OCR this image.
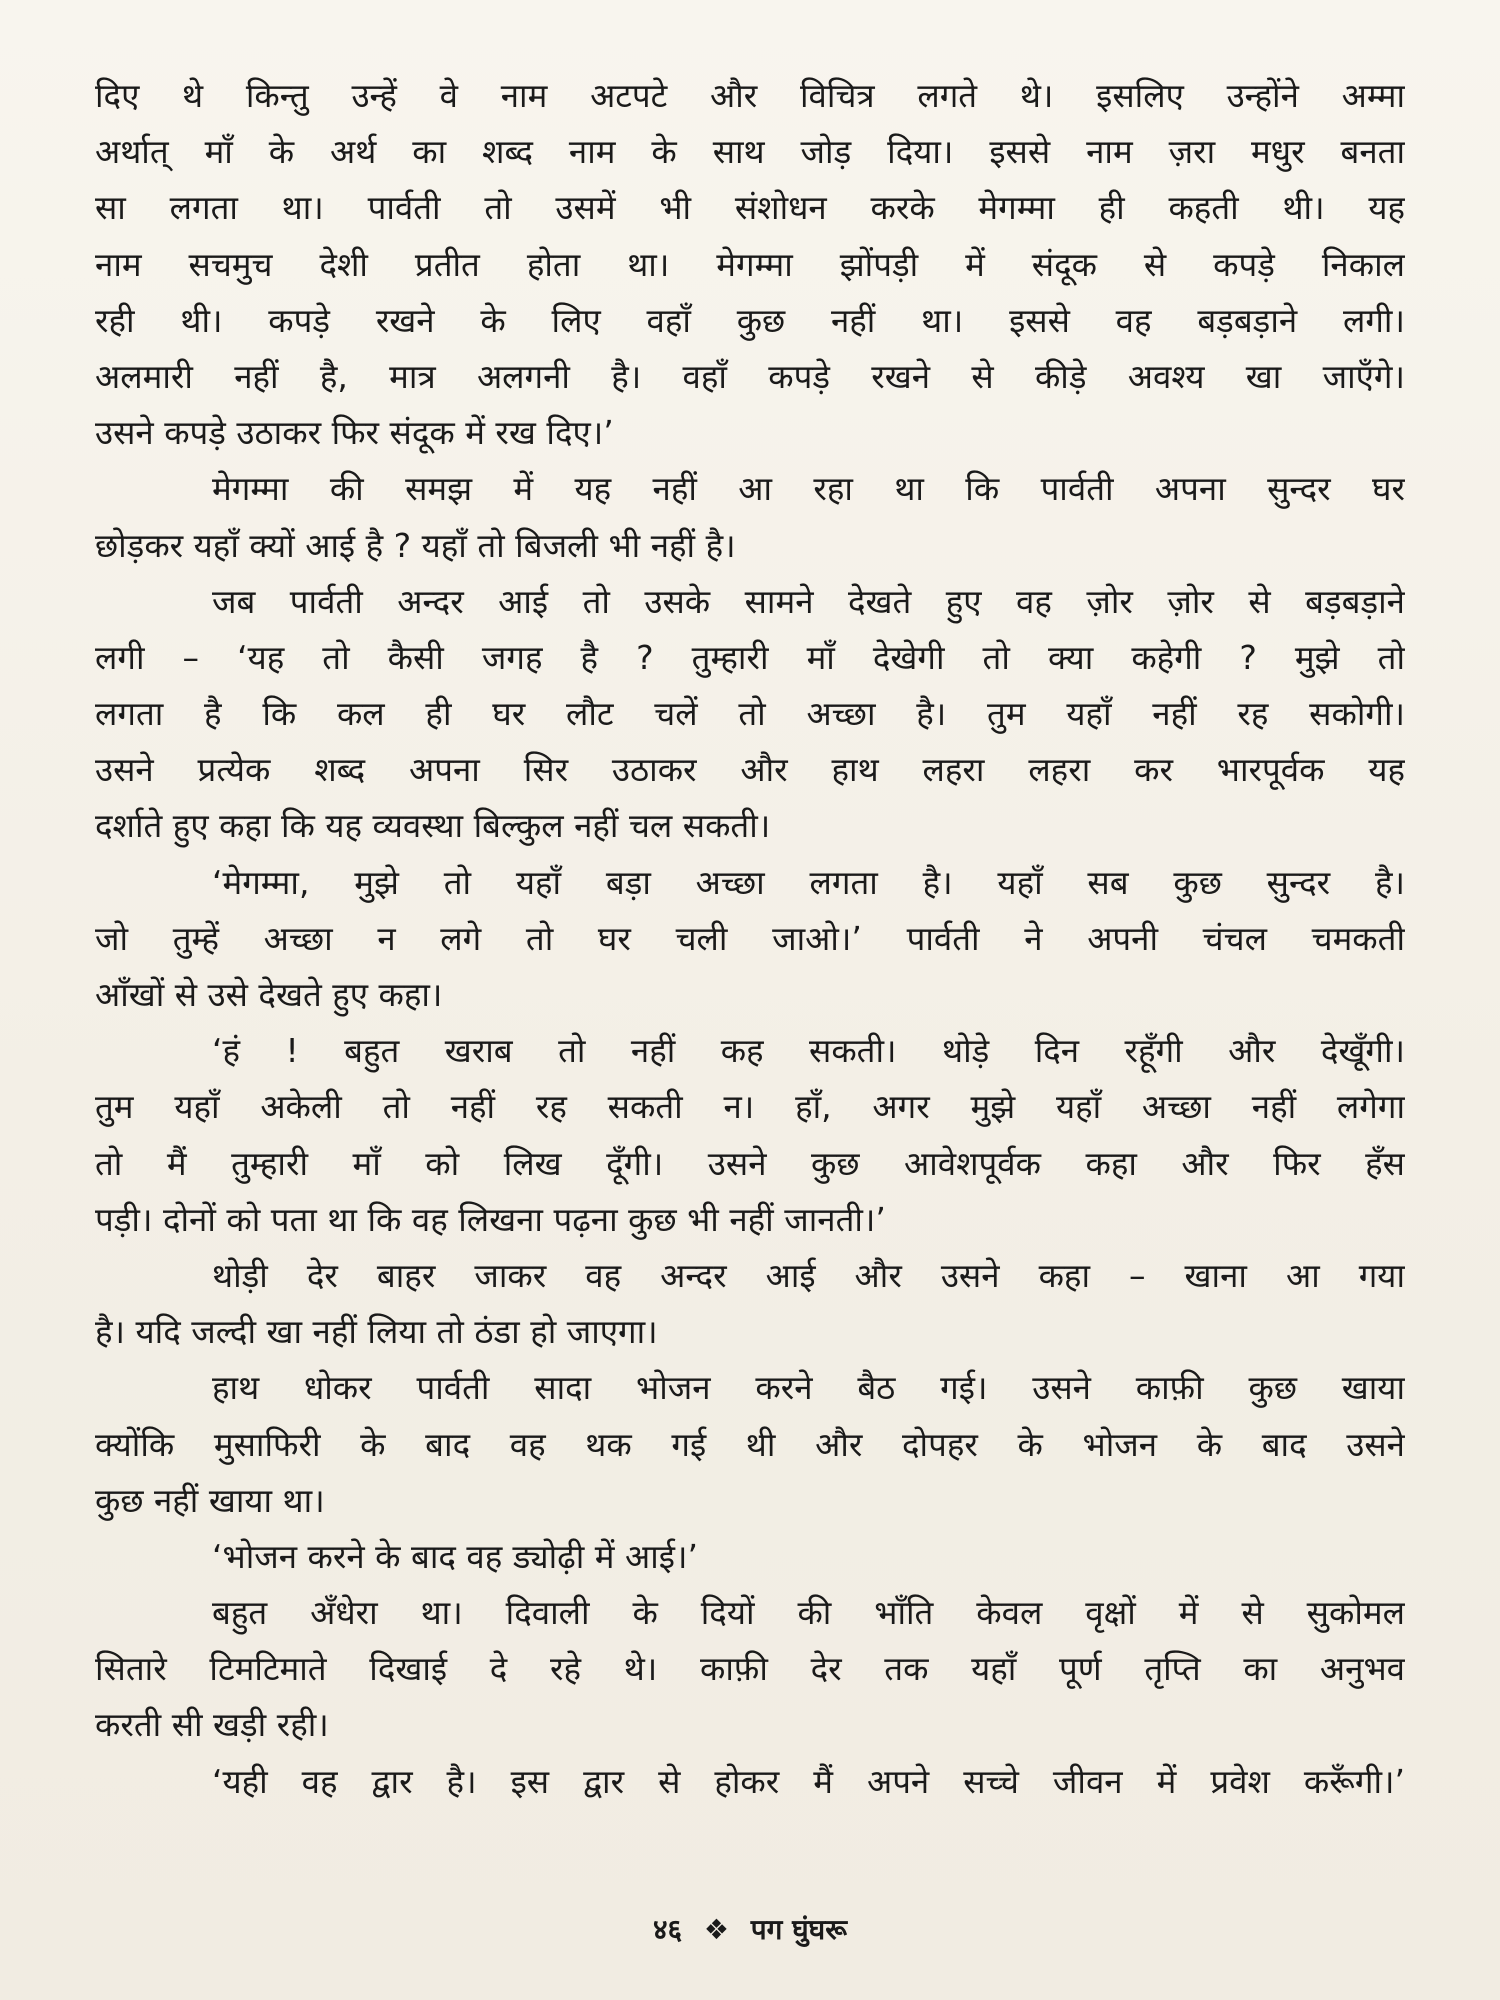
दिए थे किन्तु उन्हें वे नाम अटपटे और विचित्र लगते थे। इसलिए उन्होंने अम्मा
अर्थात् माँ के अर्थ का शब्द नाम के साथ जोड़ दिया। इससे नाम ज़रा मधुर बनता
सा लगता था। पार्वती तो उसमें भी संशोधन करके मेगम्मा ही कहती थी। यह
नाम सचमुच देशी प्रतीत होता था। मेगम्मा झोंपड़ी में संदूक से कपड़े निकाल
रही थी। कपड़े रखने के लिए वहाँ कुछ नहीं था। इससे वह बड़बड़ाने लगी।
अलमारी नहीं है, मात्र अलगनी है। वहाँ कपड़े रखने से कीड़े अवश्य खा जाएँगे।
उसने कपड़े उठाकर फिर संदूक में रख दिए।’
मेगम्मा की समझ में यह नहीं आ रहा था कि पार्वती अपना सुन्दर घर
छोड़कर यहाँ क्यों आई है ? यहाँ तो बिजली भी नहीं है।
जब पार्वती अन्दर आई तो उसके सामने देखते हुए वह ज़ोर ज़ोर से बड़बड़ाने
लगी – ‘यह तो कैसी जगह है ? तुम्हारी माँ देखेगी तो क्या कहेगी ? मुझे तो
लगता है कि कल ही घर लौट चलें तो अच्छा है। तुम यहाँ नहीं रह सकोगी।
उसने प्रत्येक शब्द अपना सिर उठाकर और हाथ लहरा लहरा कर भारपूर्वक यह
दर्शाते हुए कहा कि यह व्यवस्था बिल्कुल नहीं चल सकती।
‘मेगम्मा, मुझे तो यहाँ बड़ा अच्छा लगता है। यहाँ सब कुछ सुन्दर है।
जो तुम्हें अच्छा न लगे तो घर चली जाओ।’ पार्वती ने अपनी चंचल चमकती
आँखों से उसे देखते हुए कहा।
‘हं ! बहुत खराब तो नहीं कह सकती। थोड़े दिन रहूँगी और देखूँगी।
तुम यहाँ अकेली तो नहीं रह सकती न। हाँ, अगर मुझे यहाँ अच्छा नहीं लगेगा
तो मैं तुम्हारी माँ को लिख दूँगी। उसने कुछ आवेशपूर्वक कहा और फिर हँस
पड़ी। दोनों को पता था कि वह लिखना पढ़ना कुछ भी नहीं जानती।’
थोड़ी देर बाहर जाकर वह अन्दर आई और उसने कहा – खाना आ गया
है। यदि जल्दी खा नहीं लिया तो ठंडा हो जाएगा।
हाथ धोकर पार्वती सादा भोजन करने बैठ गई। उसने काफ़ी कुछ खाया
क्योंकि मुसाफिरी के बाद वह थक गई थी और दोपहर के भोजन के बाद उसने
कुछ नहीं खाया था।
‘भोजन करने के बाद वह ड्योढ़ी में आई।’
बहुत अँधेरा था। दिवाली के दियों की भाँति केवल वृक्षों में से सुकोमल
सितारे टिमटिमाते दिखाई दे रहे थे। काफ़ी देर तक यहाँ पूर्ण तृप्ति का अनुभव
करती सी खड़ी रही।
‘यही वह द्वार है। इस द्वार से होकर मैं अपने सच्चे जीवन में प्रवेश करूँगी।’
४६ ❖ पग घुंघरू
